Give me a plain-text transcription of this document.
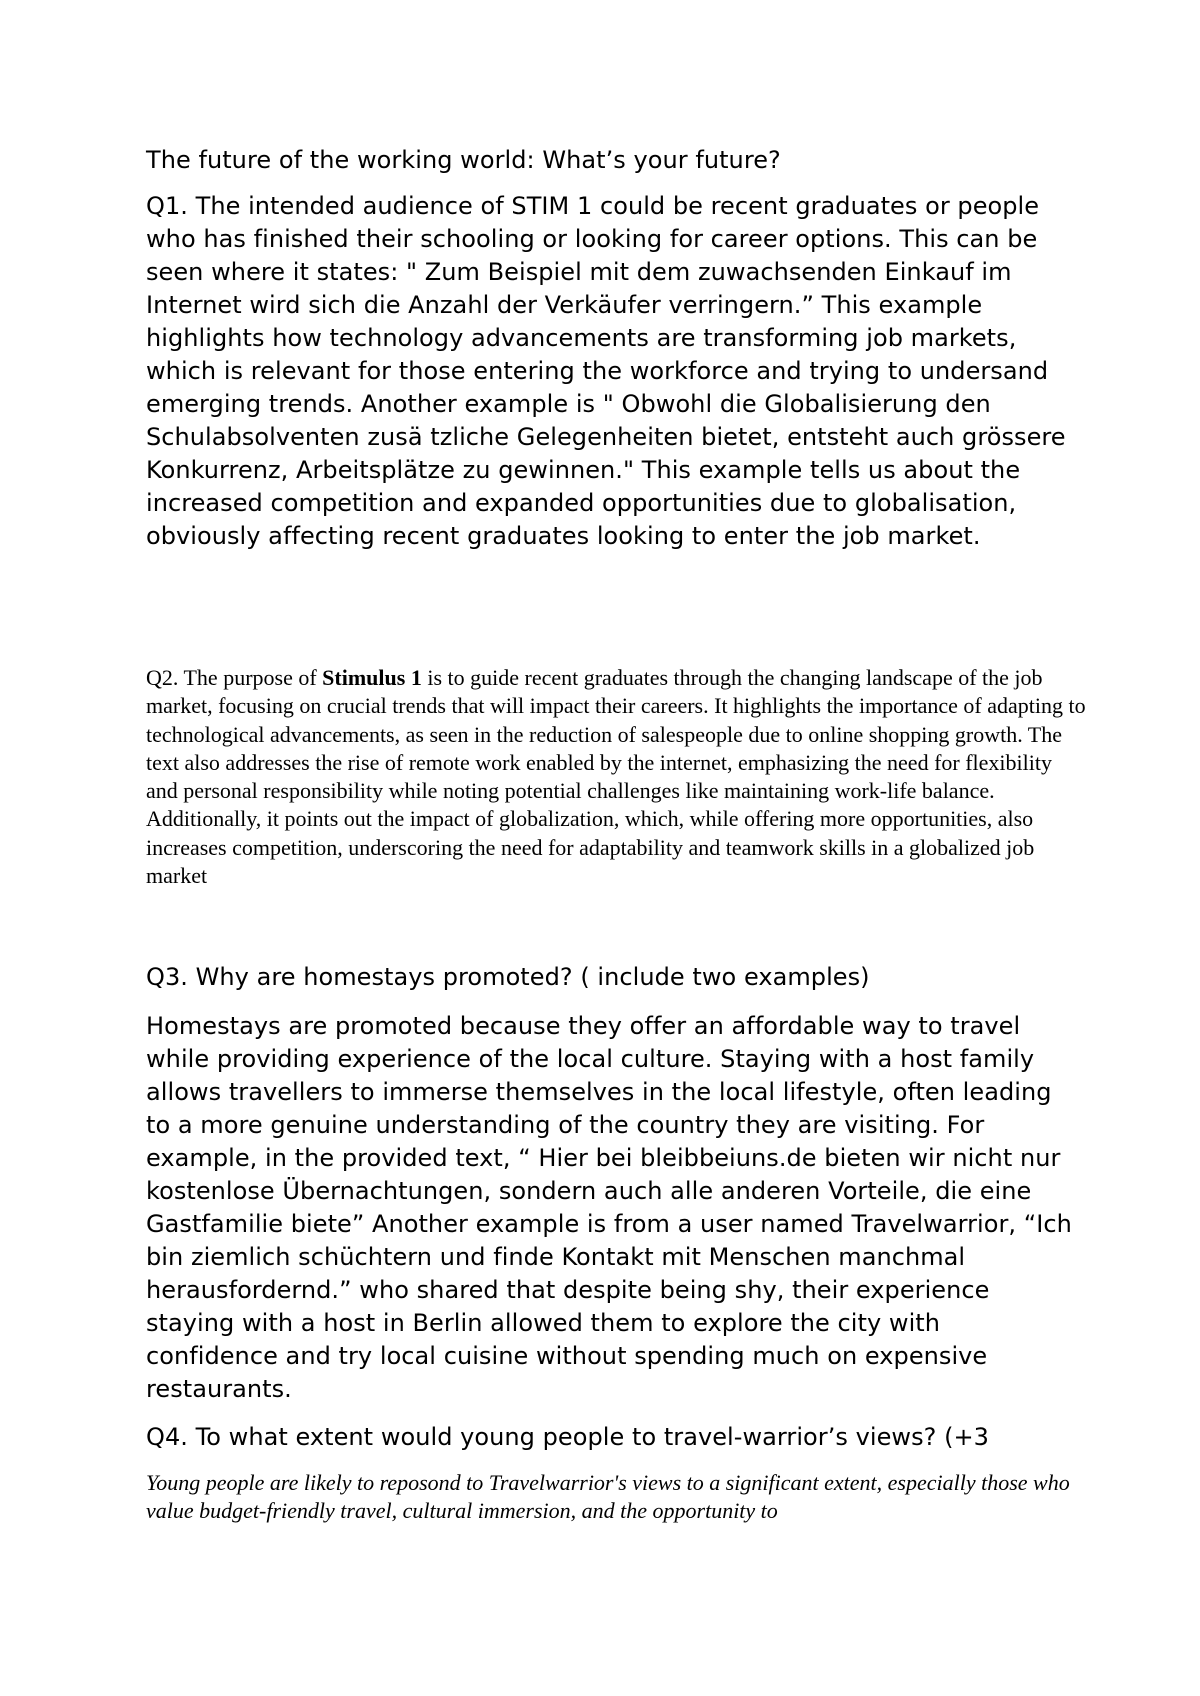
The future of the working world: What’s your future?

Q1. The intended audience of STIM 1 could be recent graduates or people who has finished their schooling or looking for career options. This can be seen where it states: " Zum Beispiel mit dem zuwachsenden Einkauf im Internet wird sich die Anzahl der Verkäufer verringern.” This example highlights how technology advancements are transforming job markets, which is relevant for those entering the workforce and trying to undersand emerging trends. Another example is " Obwohl die Globalisierung den Schulabsolventen zusä tzliche Gelegenheiten bietet, entsteht auch grössere Konkurrenz, Arbeitsplätze zu gewinnen." This example tells us about the increased competition and expanded opportunities due to globalisation, obviously affecting recent graduates looking to enter the job market.

Q2. The purpose of Stimulus 1 is to guide recent graduates through the changing landscape of the job market, focusing on crucial trends that will impact their careers. It highlights the importance of adapting to technological advancements, as seen in the reduction of salespeople due to online shopping growth. The text also addresses the rise of remote work enabled by the internet, emphasizing the need for flexibility and personal responsibility while noting potential challenges like maintaining work-life balance. Additionally, it points out the impact of globalization, which, while offering more opportunities, also increases competition, underscoring the need for adaptability and teamwork skills in a globalized job market

Q3. Why are homestays promoted? ( include two examples)

Homestays are promoted because they offer an affordable way to travel while providing experience of the local culture. Staying with a host family allows travellers to immerse themselves in the local lifestyle, often leading to a more genuine understanding of the country they are visiting. For example, in the provided text, “ Hier bei bleibbeiuns.de bieten wir nicht nur kostenlose Übernachtungen, sondern auch alle anderen Vorteile, die eine Gastfamilie biete” Another example is from a user named Travelwarrior, “Ich bin ziemlich schüchtern und finde Kontakt mit Menschen manchmal herausfordernd.” who shared that despite being shy, their experience staying with a host in Berlin allowed them to explore the city with confidence and try local cuisine without spending much on expensive restaurants.

Q4. To what extent would young people to travel-warrior’s views? (+3

Young people are likely to reposond to Travelwarrior's views to a significant extent, especially those who value budget-friendly travel, cultural immersion, and the opportunity to
